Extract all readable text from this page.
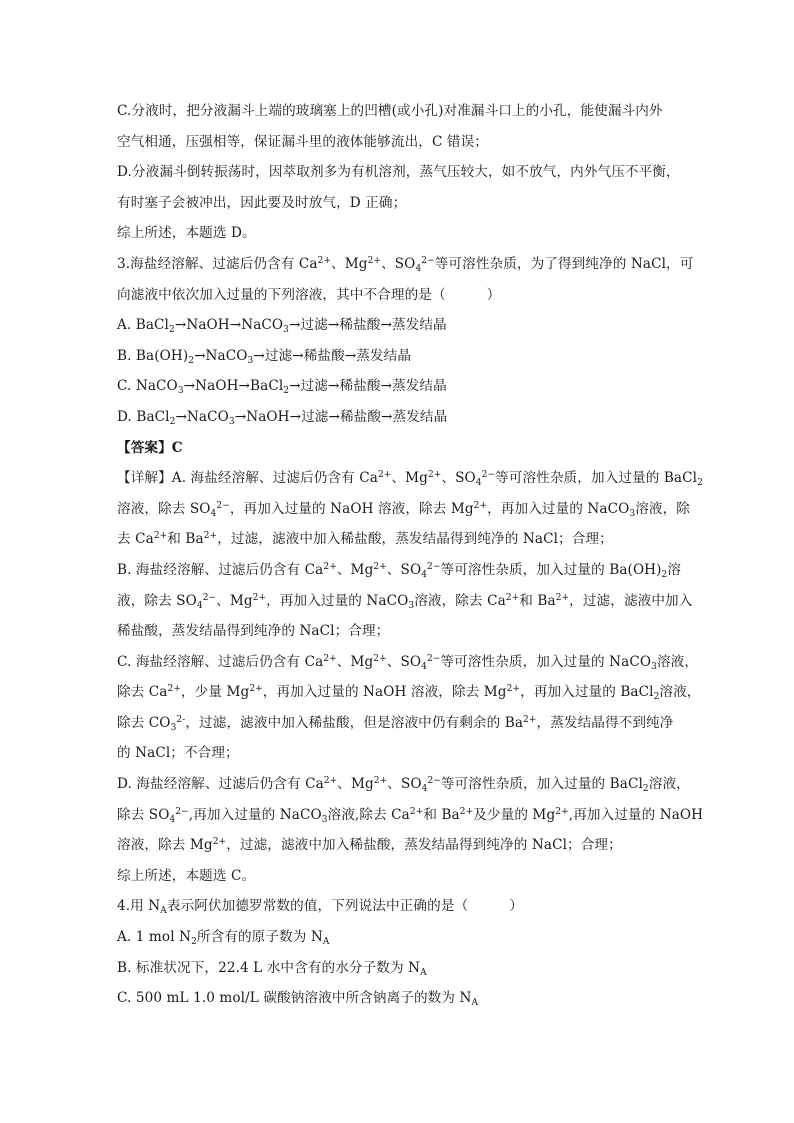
C.分液时，把分液漏斗上端的玻璃塞上的凹槽(或小孔)对准漏斗口上的小孔，能使漏斗内外
空气相通，压强相等，保证漏斗里的液体能够流出，C 错误；
D.分液漏斗倒转振荡时，因萃取剂多为有机溶剂，蒸气压较大，如不放气，内外气压不平衡，
有时塞子会被冲出，因此要及时放气，D 正确；
综上所述，本题选 D。
3.海盐经溶解、过滤后仍含有 $Ca^{2+}$、$Mg^{2+}$、$SO_4^{2-}$等可溶性杂质，为了得到纯净的 NaCl，可
向滤液中依次加入过量的下列溶液，其中不合理的是（　　　）
A. BaCl$_2$→NaOH→NaCO$_3$→过滤→稀盐酸→蒸发结晶
B. $Ba(OH)_2\to NaCO_3\to$过滤→稀盐酸→蒸发结晶
C. NaCO$_3$→NaOH→BaCl$_2$→过滤→稀盐酸→蒸发结晶
D. BaCl$_2$→NaCO$_3$→NaOH→过滤→稀盐酸→蒸发结晶
【答案】C
【详解】A. 海盐经溶解、过滤后仍含有 $Ca^{2+}$、$Mg^{2+}$、$SO_4^{2-}$等可溶性杂质，加入过量的 BaCl$_2$
溶液，除去 $SO_4^{2-}$，再加入过量的 NaOH 溶液，除去 $Mg^{2+}$，再加入过量的 NaCO$_3$溶液，除
去 $Ca^{2+}$和 $Ba^{2+}$，过滤，滤液中加入稀盐酸，蒸发结晶得到纯净的 NaCl；合理；
B. 海盐经溶解、过滤后仍含有 $Ca^{2+}$、$Mg^{2+}$、$SO_4^{2-}$等可溶性杂质，加入过量的 $Ba(OH)_2$溶
液，除去 $SO_4^{2-}$、$Mg^{2+}$，再加入过量的 NaCO$_3$溶液，除去 $Ca^{2+}$和 $Ba^{2+}$，过滤，滤液中加入
稀盐酸，蒸发结晶得到纯净的 NaCl；合理；
C. 海盐经溶解、过滤后仍含有 $Ca^{2+}$、$Mg^{2+}$、$SO_4^{2-}$等可溶性杂质，加入过量的 NaCO$_3$溶液，
除去 $Ca^{2+}$，少量 $Mg^{2+}$，再加入过量的 NaOH 溶液，除去 $Mg^{2+}$，再加入过量的 BaCl$_2$溶液，
除去 $CO_3^{2-}$，过滤，滤液中加入稀盐酸，但是溶液中仍有剩余的 $Ba^{2+}$，蒸发结晶得不到纯净
的 NaCl；不合理；
D. 海盐经溶解、过滤后仍含有 $Ca^{2+}$、$Mg^{2+}$、$SO_4^{2-}$等可溶性杂质，加入过量的 BaCl$_2$溶液，
除去 $SO_4^{2-}$,再加入过量的 NaCO$_3$溶液,除去 $Ca^{2+}$和 $Ba^{2+}$及少量的 $Mg^{2+}$,再加入过量的 NaOH
溶液，除去 $Mg^{2+}$，过滤，滤液中加入稀盐酸，蒸发结晶得到纯净的 NaCl；合理；
综上所述，本题选 C。
4.用 $N_A$表示阿伏加德罗常数的值，下列说法中正确的是（　　　）
A. 1 mol $N_2$所含有的原子数为 $N_A$
B. 标准状况下，22.4 L 水中含有的水分子数为 $N_A$
C. 500 mL 1.0 mol/L 碳酸钠溶液中所含钠离子的数为 $N_A$
